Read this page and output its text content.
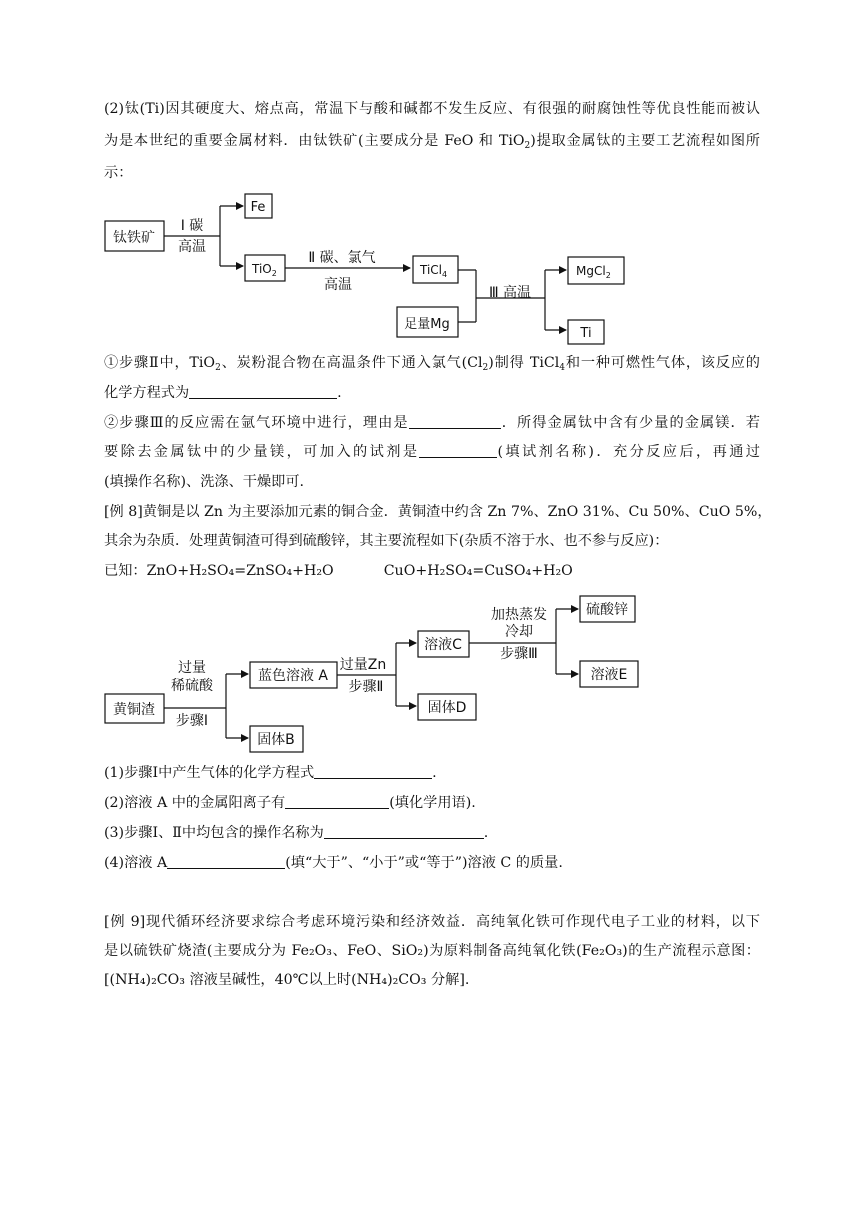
(2)钛(Ti)因其硬度大、熔点高，常温下与酸和碱都不发生反应、有很强的耐腐蚀性等优良性能而被认
为是本世纪的重要金属材料．由钛铁矿(主要成分是 FeO 和 TiO$_2$)提取金属钛的主要工艺流程如图所
示：
钛铁矿
Ⅰ 碳
高温
Fe
TiO$_2$
Ⅱ 碳、氯气
高温
TiCl$_4$
足量Mg
Ⅲ 高温
MgCl$_2$
Ti
①步骤Ⅱ中，TiO$_2$、炭粉混合物在高温条件下通入氯气$(Cl_2)$制得 TiCl$_4$和一种可燃性气体，该反应的
化学方程式为	.
②步骤Ⅲ的反应需在氩气环境中进行，理由是	．所得金属钛中含有少量的金属镁．若
要除去金属钛中的少量镁，可加入的试剂是	(填试剂名称)．充分反应后，再通过
(填操作名称)、洗涤、干燥即可.
[例 8]黄铜是以 Zn 为主要添加元素的铜合金．黄铜渣中约含 Zn 7%、ZnO 31%、Cu 50%、CuO 5%，
其余为杂质．处理黄铜渣可得到硫酸锌，其主要流程如下(杂质不溶于水、也不参与反应)：
已知：ZnO+H₂SO₄=ZnSO₄+H₂O	CuO+H₂SO₄=CuSO₄+H₂O
黄铜渣
过量
稀硫酸
步骤Ⅰ
蓝色溶液 A
固体B
过量Zn
步骤Ⅱ
溶液C
固体D
加热蒸发
冷却
步骤Ⅲ
硫酸锌
溶液E
(1)步骤Ⅰ中产生气体的化学方程式	.
(2)溶液 A 中的金属阳离子有	(填化学用语).
(3)步骤Ⅰ、Ⅱ中均包含的操作名称为	.
(4)溶液 A	(填“大于”、“小于”或“等于”)溶液 C 的质量.
[例 9]现代循环经济要求综合考虑环境污染和经济效益．高纯氧化铁可作现代电子工业的材料，以下
是以硫铁矿烧渣(主要成分为 Fe₂O₃、FeO、SiO₂)为原料制备高纯氧化铁(Fe₂O₃)的生产流程示意图：
[(NH₄)₂CO₃ 溶液呈碱性，40℃以上时(NH₄)₂CO₃ 分解].
